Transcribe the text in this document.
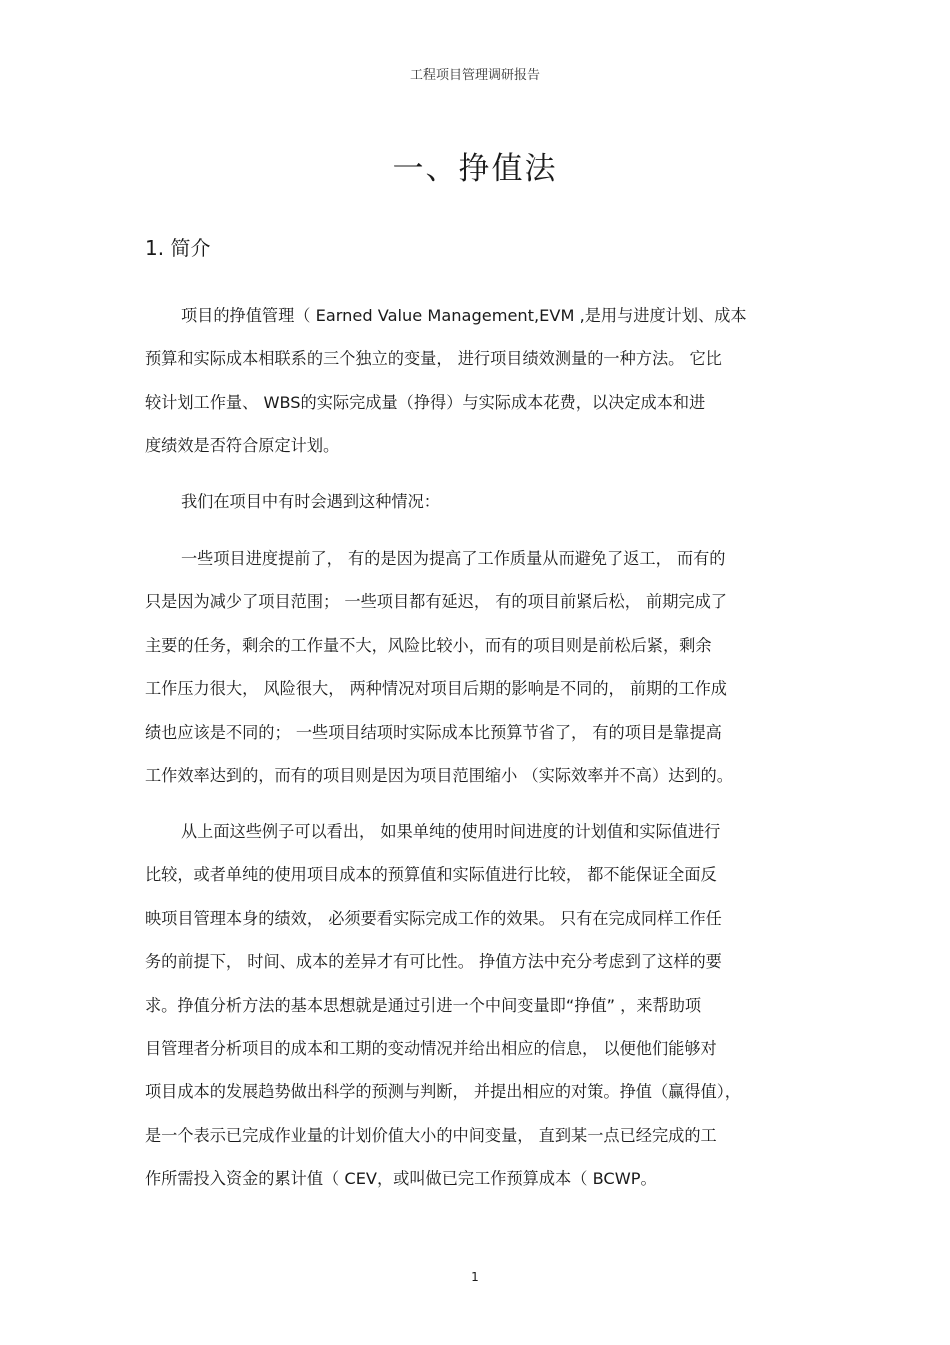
工程项目管理调研报告
一、挣值法
1. 简介
项目的挣值管理（ Earned Value Management,EVM ,是用与进度计划、成本
预算和实际成本相联系的三个独立的变量， 进行项目绩效测量的一种方法。 它比
较计划工作量、 WBS的实际完成量（挣得）与实际成本花费，以决定成本和进
度绩效是否符合原定计划。
我们在项目中有时会遇到这种情况：
一些项目进度提前了， 有的是因为提高了工作质量从而避免了返工， 而有的
只是因为减少了项目范围； 一些项目都有延迟， 有的项目前紧后松， 前期完成了
主要的任务，剩余的工作量不大，风险比较小，而有的项目则是前松后紧，剩余
工作压力很大， 风险很大， 两种情况对项目后期的影响是不同的， 前期的工作成
绩也应该是不同的； 一些项目结项时实际成本比预算节省了， 有的项目是靠提高
工作效率达到的，而有的项目则是因为项目范围缩小 （实际效率并不高）达到的。
从上面这些例子可以看出， 如果单纯的使用时间进度的计划值和实际值进行
比较，或者单纯的使用项目成本的预算值和实际值进行比较， 都不能保证全面反
映项目管理本身的绩效， 必须要看实际完成工作的效果。 只有在完成同样工作任
务的前提下， 时间、成本的差异才有可比性。 挣值方法中充分考虑到了这样的要
求。挣值分析方法的基本思想就是通过引进一个中间变量即“挣值” ，来帮助项
目管理者分析项目的成本和工期的变动情况并给出相应的信息， 以便他们能够对
项目成本的发展趋势做出科学的预测与判断， 并提出相应的对策。挣值（赢得值），
是一个表示已完成作业量的计划价值大小的中间变量， 直到某一点已经完成的工
作所需投入资金的累计值（ CEV，或叫做已完工作预算成本（ BCWP。
1
